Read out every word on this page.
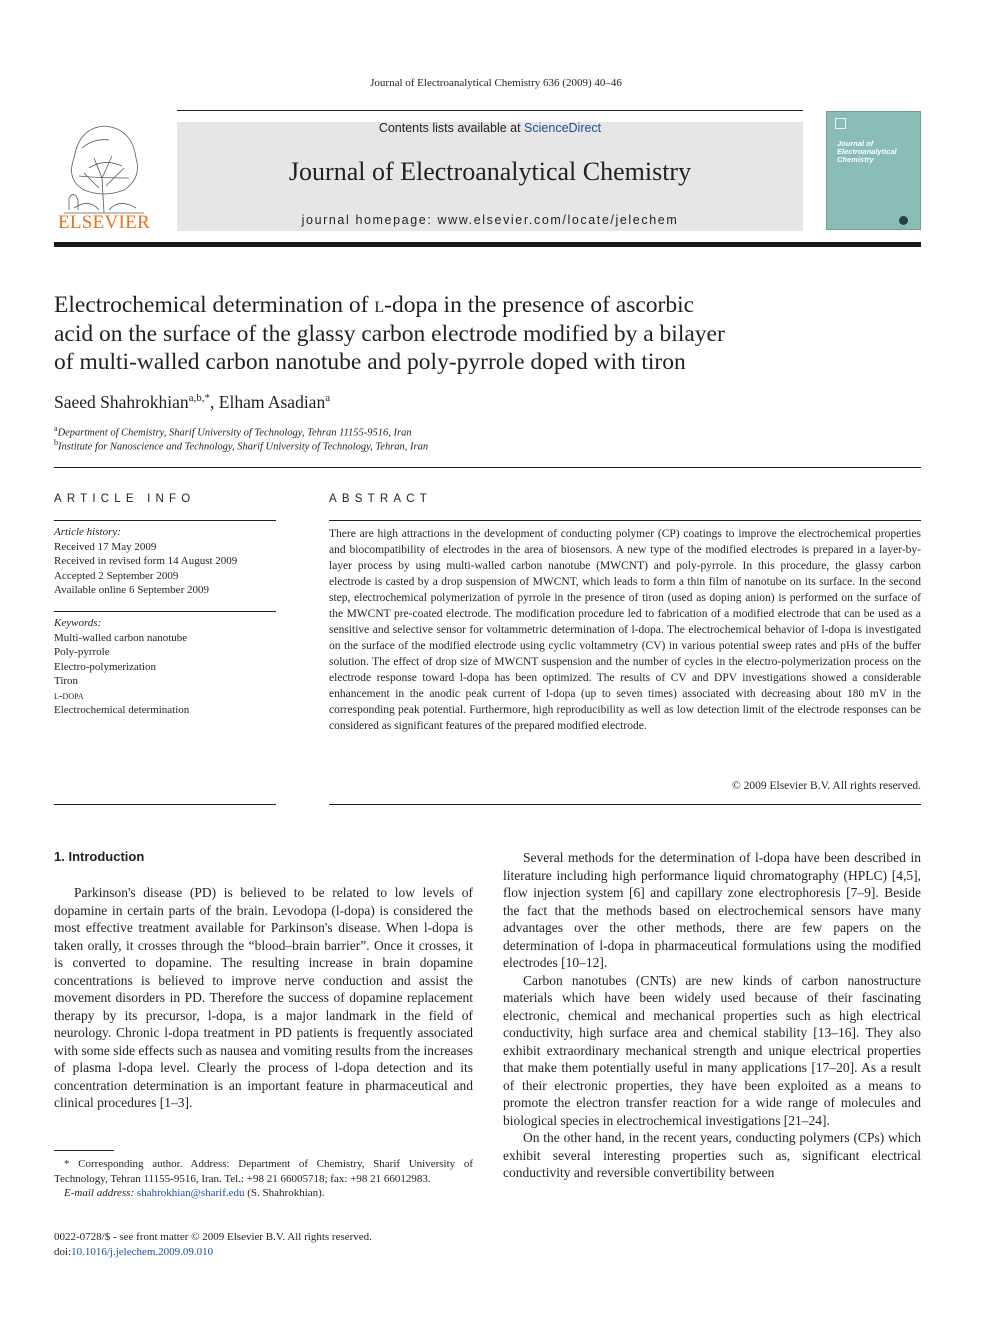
Journal of Electroanalytical Chemistry 636 (2009) 40–46
ELSEVIER
Contents lists available at ScienceDirect
Journal of Electroanalytical Chemistry
journal homepage: www.elsevier.com/locate/jelechem
Journal of Electroanalytical Chemistry
Electrochemical determination of l-dopa in the presence of ascorbic
acid on the surface of the glassy carbon electrode modified by a bilayer
of multi-walled carbon nanotube and poly-pyrrole doped with tiron
Saeed Shahrokhian$^{a,b,*}$, Elham Asadian$^a$
$^a$Department of Chemistry, Sharif University of Technology, Tehran 11155-9516, Iran
$^b$Institute for Nanoscience and Technology, Sharif University of Technology, Tehran, Iran
ARTICLE INFO
Article history:
Received 17 May 2009
Received in revised form 14 August 2009
Accepted 2 September 2009
Available online 6 September 2009
Keywords:
Multi-walled carbon nanotube
Poly-pyrrole
Electro-polymerization
Tiron
l-dopa
Electrochemical determination
ABSTRACT
There are high attractions in the development of conducting polymer (CP) coatings to improve the electrochemical properties and biocompatibility of electrodes in the area of biosensors. A new type of the modified electrodes is prepared in a layer-by-layer process by using multi-walled carbon nanotube (MWCNT) and poly-pyrrole. In this procedure, the glassy carbon electrode is casted by a drop suspension of MWCNT, which leads to form a thin film of nanotube on its surface. In the second step, electrochemical polymerization of pyrrole in the presence of tiron (used as doping anion) is performed on the surface of the MWCNT pre-coated electrode. The modification procedure led to fabrication of a modified electrode that can be used as a sensitive and selective sensor for voltammetric determination of l-dopa. The electrochemical behavior of l-dopa is investigated on the surface of the modified electrode using cyclic voltammetry (CV) in various potential sweep rates and pHs of the buffer solution. The effect of drop size of MWCNT suspension and the number of cycles in the electro-polymerization process on the electrode response toward l-dopa has been optimized. The results of CV and DPV investigations showed a considerable enhancement in the anodic peak current of l-dopa (up to seven times) associated with decreasing about 180 mV in the corresponding peak potential. Furthermore, high reproducibility as well as low detection limit of the electrode responses can be considered as significant features of the prepared modified electrode.
© 2009 Elsevier B.V. All rights reserved.
1. Introduction

Parkinson's disease (PD) is believed to be related to low levels of dopamine in certain parts of the brain. Levodopa (l-dopa) is considered the most effective treatment available for Parkinson's disease. When l-dopa is taken orally, it crosses through the “blood–brain barrier”. Once it crosses, it is converted to dopamine. The resulting increase in brain dopamine concentrations is believed to improve nerve conduction and assist the movement disorders in PD. Therefore the success of dopamine replacement therapy by its precursor, l-dopa, is a major landmark in the field of neurology. Chronic l-dopa treatment in PD patients is frequently associated with some side effects such as nausea and vomiting results from the increases of plasma l-dopa level. Clearly the process of l-dopa detection and its concentration determination is an important feature in pharmaceutical and clinical procedures [1–3].

Several methods for the determination of l-dopa have been described in literature including high performance liquid chromatography (HPLC) [4,5], flow injection system [6] and capillary zone electrophoresis [7–9]. Beside the fact that the methods based on electrochemical sensors have many advantages over the other methods, there are few papers on the determination of l-dopa in pharmaceutical formulations using the modified electrodes [10–12].

Carbon nanotubes (CNTs) are new kinds of carbon nanostructure materials which have been widely used because of their fascinating electronic, chemical and mechanical properties such as high electrical conductivity, high surface area and chemical stability [13–16]. They also exhibit extraordinary mechanical strength and unique electrical properties that make them potentially useful in many applications [17–20]. As a result of their electronic properties, they have been exploited as a means to promote the electron transfer reaction for a wide range of molecules and biological species in electrochemical investigations [21–24].

On the other hand, in the recent years, conducting polymers (CPs) which exhibit several interesting properties such as, significant electrical conductivity and reversible convertibility between

* Corresponding author. Address: Department of Chemistry, Sharif University of Technology, Tehran 11155-9516, Iran. Tel.: +98 21 66005718; fax: +98 21 66012983.

E-mail address: shahrokhian@sharif.edu (S. Shahrokhian).

0022-0728/$ - see front matter © 2009 Elsevier B.V. All rights reserved.
doi:10.1016/j.jelechem.2009.09.010
